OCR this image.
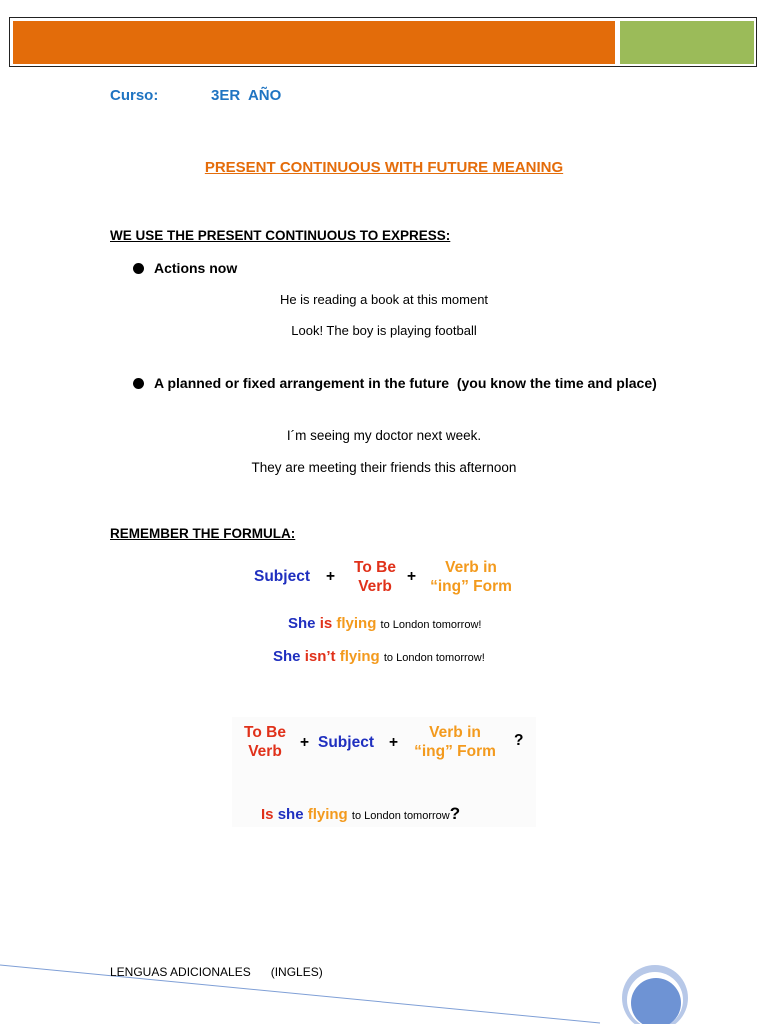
Curso:	3ER  AÑO
PRESENT CONTINUOUS WITH FUTURE MEANING
WE USE THE PRESENT CONTINUOUS TO EXPRESS:
Actions now
He is reading a book at this moment
Look! The boy is playing football
A planned or fixed arrangement in the future  (you know the time and place)
I´m seeing my doctor next week.
They are meeting their friends this afternoon
REMEMBER THE FORMULA:
Subject +
To Be
Verb
+
Verb in
“ing” Form
She is flying to London tomorrow!
She isn’t flying to London tomorrow!
To Be
Verb
+ Subject +
Verb in
“ing” Form
?
Is she flying to London tomorrow?
LENGUAS ADICIONALES (INGLES)
